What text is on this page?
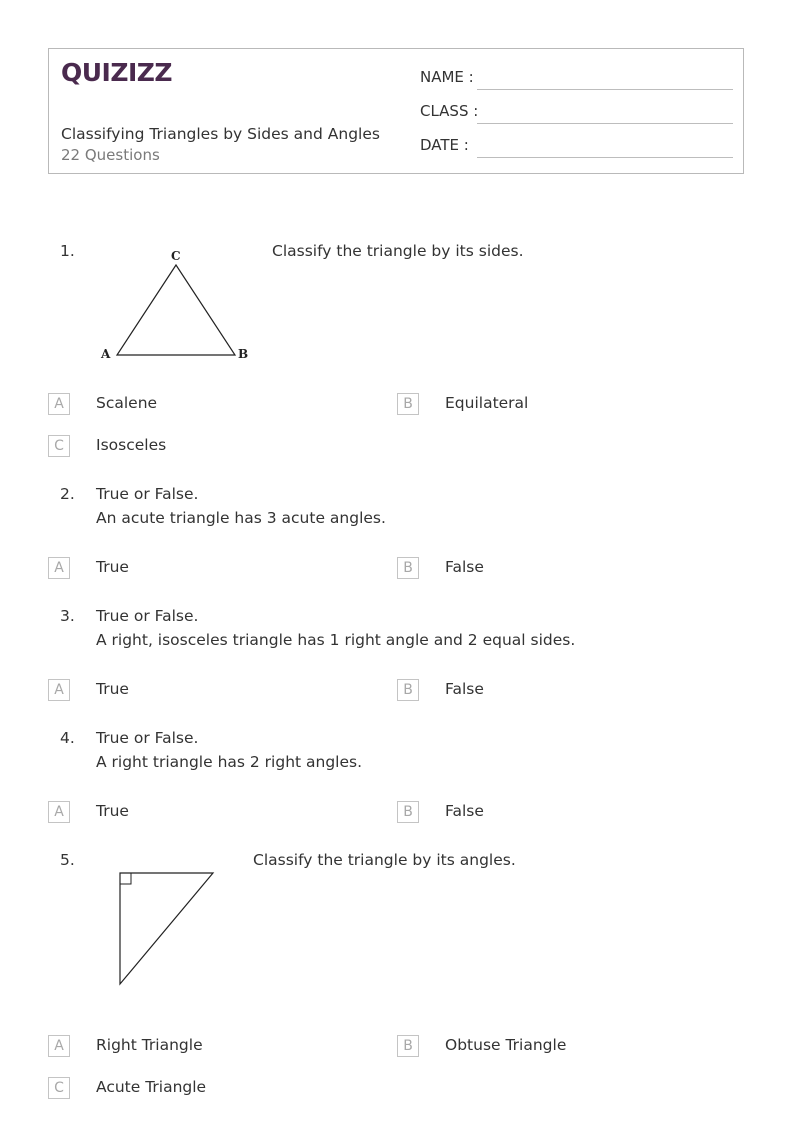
QUIZIZZ
Classifying Triangles by Sides and Angles
22 Questions
NAME :
CLASS :
DATE :
1.	C
A	B
Classify the triangle by its sides.
A	Scalene	B	Equilateral
C	Isosceles
2. True or False.
An acute triangle has 3 acute angles.
A	True	B	False
3. True or False.
A right, isosceles triangle has 1 right angle and 2 equal sides.
A	True	B	False
4. True or False.
A right triangle has 2 right angles.
A	True	B	False
5.	Classify the triangle by its angles.
A	Right Triangle	B	Obtuse Triangle
C	Acute Triangle
